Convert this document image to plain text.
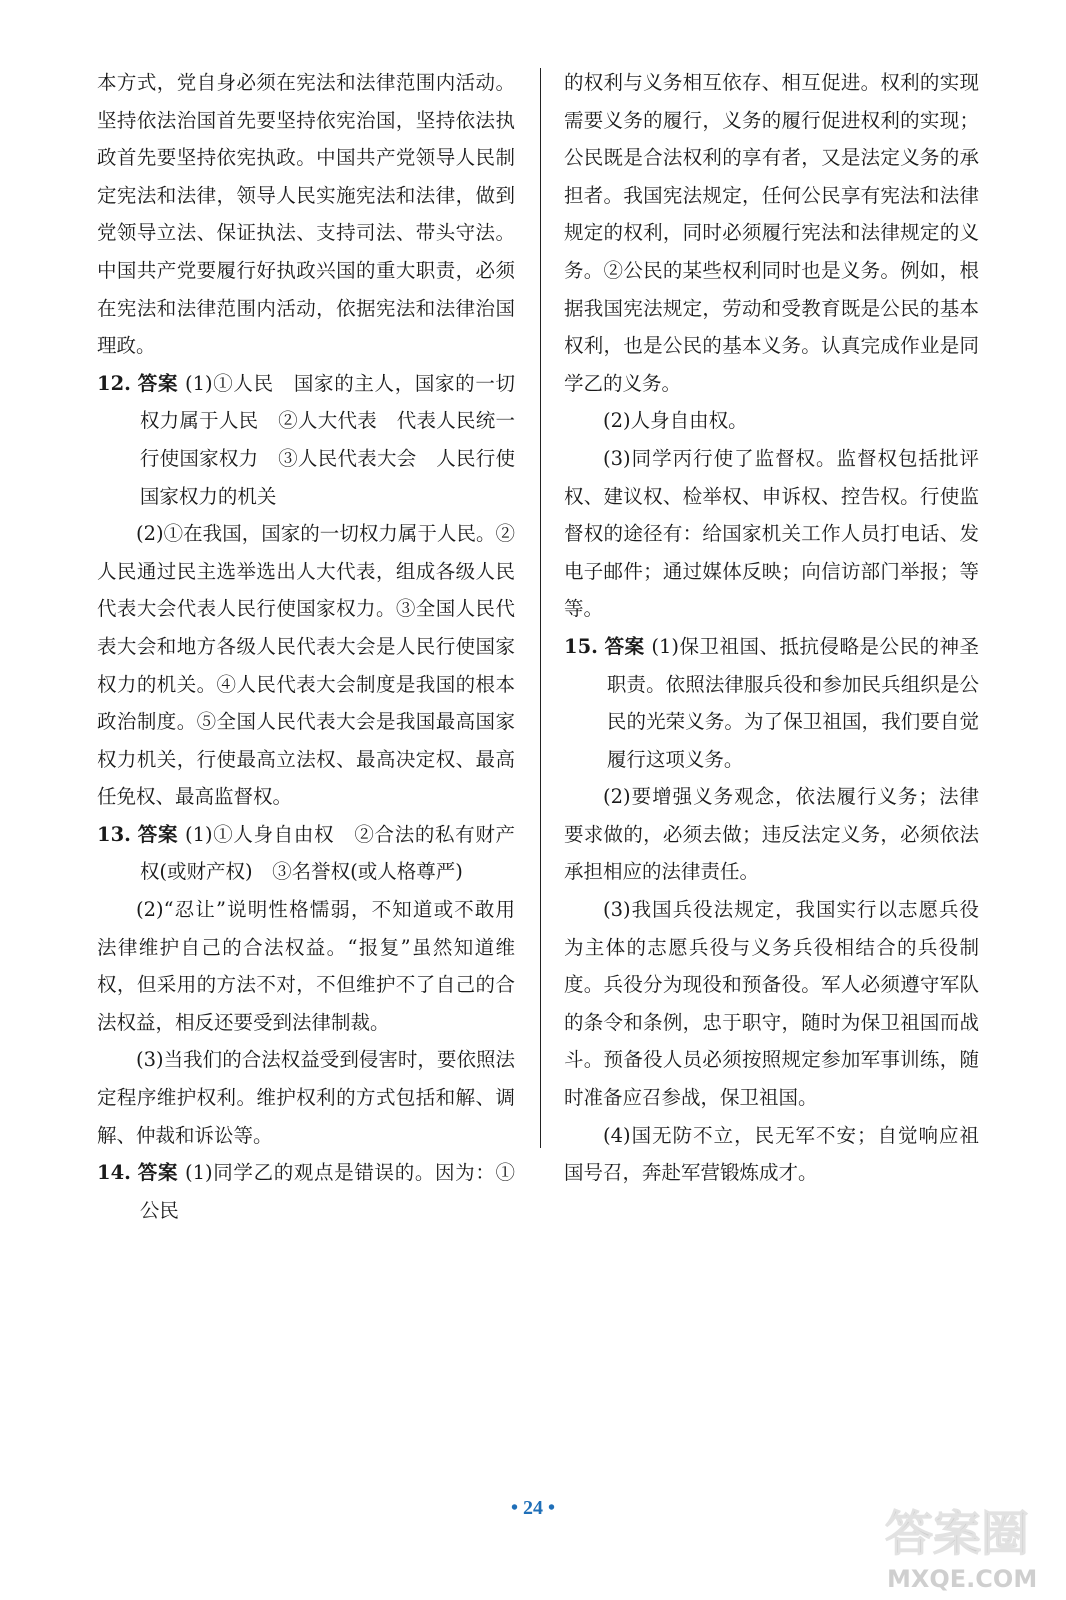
本方式，党自身必须在宪法和法律范围内活动。坚持依法治国首先要坚持依宪治国，坚持依法执政首先要坚持依宪执政。中国共产党领导人民制定宪法和法律，领导人民实施宪法和法律，做到党领导立法、保证执法、支持司法、带头守法。中国共产党要履行好执政兴国的重大职责，必须在宪法和法律范围内活动，依据宪法和法律治国理政。

12. 答案 (1)①人民　国家的主人，国家的一切权力属于人民　②人大代表　代表人民统一行使国家权力　③人民代表大会　人民行使国家权力的机关

(2)①在我国，国家的一切权力属于人民。②人民通过民主选举选出人大代表，组成各级人民代表大会代表人民行使国家权力。③全国人民代表大会和地方各级人民代表大会是人民行使国家权力的机关。④人民代表大会制度是我国的根本政治制度。⑤全国人民代表大会是我国最高国家权力机关，行使最高立法权、最高决定权、最高任免权、最高监督权。

13. 答案 (1)①人身自由权　②合法的私有财产权(或财产权)　③名誉权(或人格尊严)

(2)“忍让”说明性格懦弱，不知道或不敢用法律维护自己的合法权益。“报复”虽然知道维权，但采用的方法不对，不但维护不了自己的合法权益，相反还要受到法律制裁。

(3)当我们的合法权益受到侵害时，要依照法定程序维护权利。维护权利的方式包括和解、调解、仲裁和诉讼等。

14. 答案 (1)同学乙的观点是错误的。因为：①公民

的权利与义务相互依存、相互促进。权利的实现需要义务的履行，义务的履行促进权利的实现；公民既是合法权利的享有者，又是法定义务的承担者。我国宪法规定，任何公民享有宪法和法律规定的权利，同时必须履行宪法和法律规定的义务。②公民的某些权利同时也是义务。例如，根据我国宪法规定，劳动和受教育既是公民的基本权利，也是公民的基本义务。认真完成作业是同学乙的义务。

(2)人身自由权。

(3)同学丙行使了监督权。监督权包括批评权、建议权、检举权、申诉权、控告权。行使监督权的途径有：给国家机关工作人员打电话、发电子邮件；通过媒体反映；向信访部门举报；等等。

15. 答案 (1)保卫祖国、抵抗侵略是公民的神圣职责。依照法律服兵役和参加民兵组织是公民的光荣义务。为了保卫祖国，我们要自觉履行这项义务。

(2)要增强义务观念，依法履行义务；法律要求做的，必须去做；违反法定义务，必须依法承担相应的法律责任。

(3)我国兵役法规定，我国实行以志愿兵役为主体的志愿兵役与义务兵役相结合的兵役制度。兵役分为现役和预备役。军人必须遵守军队的条令和条例，忠于职守，随时为保卫祖国而战斗。预备役人员必须按照规定参加军事训练，随时准备应召参战，保卫祖国。

(4)国无防不立，民无军不安；自觉响应祖国号召，奔赴军营锻炼成才。

• 24 •	答案圈
MXQE.COM
